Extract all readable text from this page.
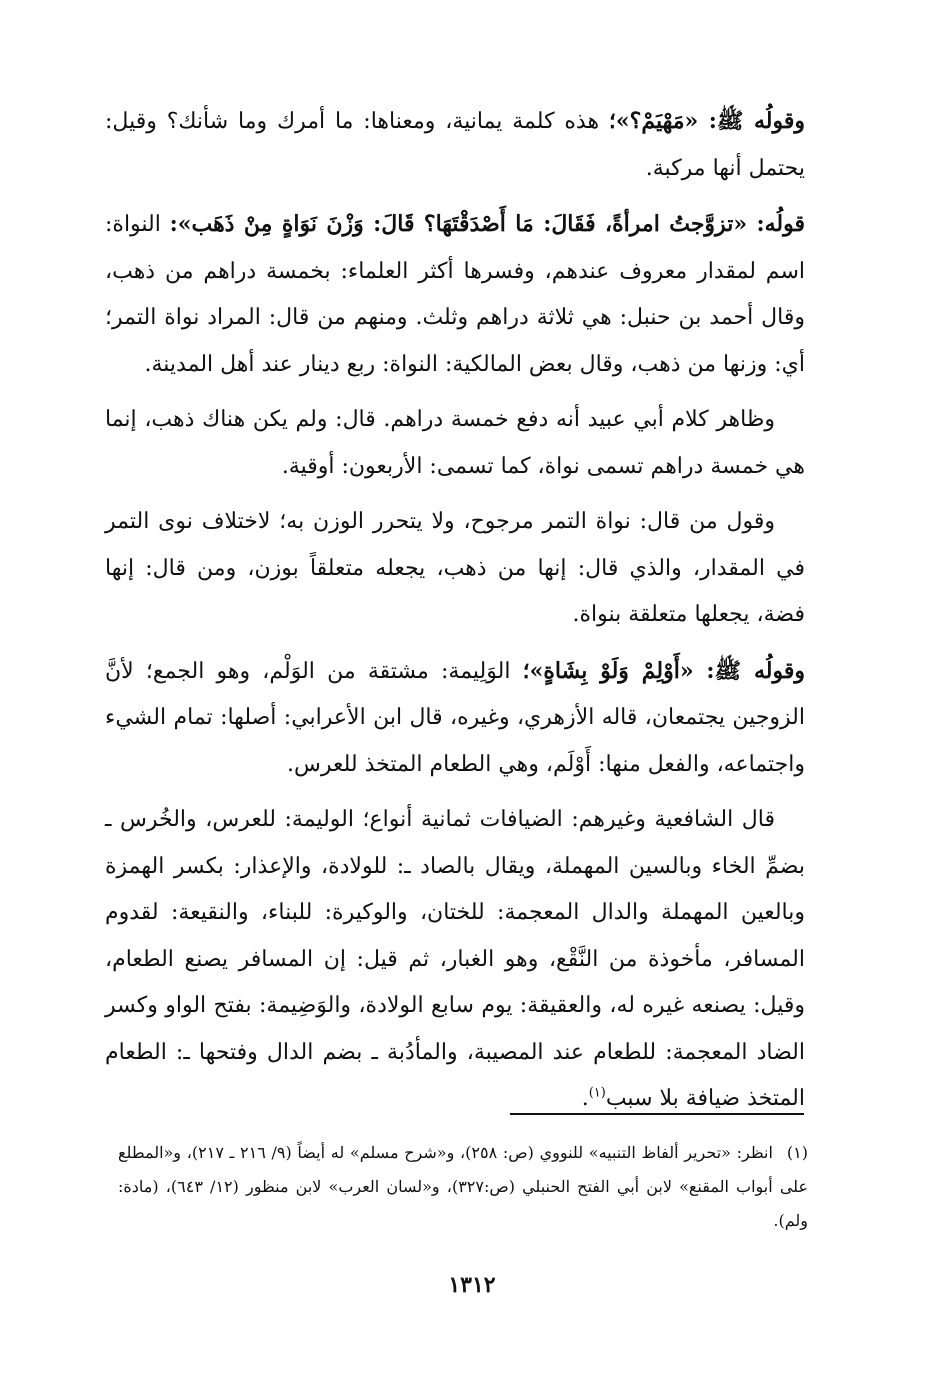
وقولُه ﷺ: «مَهْيَمْ؟»؛ هذه كلمة يمانية، ومعناها: ما أمرك وما شأنك؟ وقيل: يحتمل أنها مركبة.

قولُه: «تزوَّجتُ امرأةً، فَقَالَ: مَا أَصْدَقْتَهَا؟ قَالَ: وَزْنَ نَوَاةٍ مِنْ ذَهَب»: النواة: اسم لمقدار معروف عندهم، وفسرها أكثر العلماء: بخمسة دراهم من ذهب، وقال أحمد بن حنبل: هي ثلاثة دراهم وثلث. ومنهم من قال: المراد نواة التمر؛ أي: وزنها من ذهب، وقال بعض المالكية: النواة: ربع دينار عند أهل المدينة.

وظاهر كلام أبي عبيد أنه دفع خمسة دراهم. قال: ولم يكن هناك ذهب، إنما هي خمسة دراهم تسمى نواة، كما تسمى: الأربعون: أوقية.

وقول من قال: نواة التمر مرجوح، ولا يتحرر الوزن به؛ لاختلاف نوى التمر في المقدار، والذي قال: إنها من ذهب، يجعله متعلقاً بوزن، ومن قال: إنها فضة، يجعلها متعلقة بنواة.

وقولُه ﷺ: «أَوْلِمْ وَلَوْ بِشَاةٍ»؛ الوَلِيمة: مشتقة من الوَلْم، وهو الجمع؛ لأنَّ الزوجين يجتمعان، قاله الأزهري، وغيره، قال ابن الأعرابي: أصلها: تمام الشيء واجتماعه، والفعل منها: أَوْلَم، وهي الطعام المتخذ للعرس.

قال الشافعية وغيرهم: الضيافات ثمانية أنواع؛ الوليمة: للعرس، والخُرس ـ بضمِّ الخاء وبالسين المهملة، ويقال بالصاد ـ: للولادة، والإعذار: بكسر الهمزة وبالعين المهملة والدال المعجمة: للختان، والوكيرة: للبناء، والنقيعة: لقدوم المسافر، مأخوذة من النَّقْع، وهو الغبار، ثم قيل: إن المسافر يصنع الطعام، وقيل: يصنعه غيره له، والعقيقة: يوم سابع الولادة، والوَضِيمة: بفتح الواو وكسر الضاد المعجمة: للطعام عند المصيبة، والمأدُبة ـ بضم الدال وفتحها ـ: الطعام المتخذ ضيافة بلا سبب$^{(١)}$.

(١)انظر: «تحرير ألفاظ التنبيه» للنووي (ص: ٢٥٨)، و«شرح مسلم» له أيضاً (٩/ ٢١٦ ـ ٢١٧)، و«المطلع على أبواب المقنع» لابن أبي الفتح الحنبلي (ص:٣٢٧)، و«لسان العرب» لابن منظور (١٢/ ٦٤٣)، (مادة: ولم).
١٣١٢
